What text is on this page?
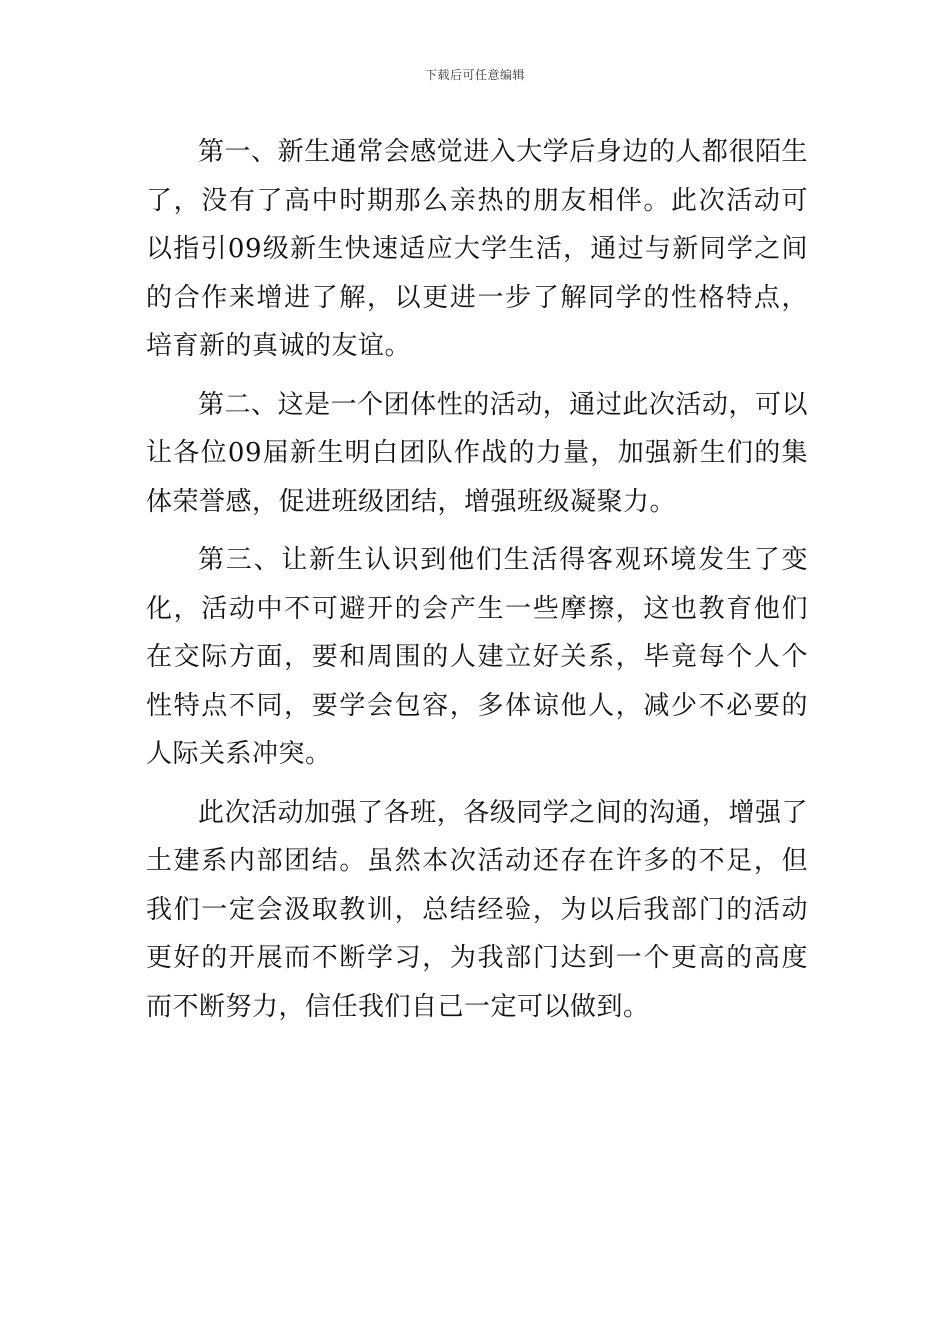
下载后可任意编辑

第一、新生通常会感觉进入大学后身边的人都很陌生了，没有了高中时期那么亲热的朋友相伴。此次活动可以指引09级新生快速适应大学生活，通过与新同学之间的合作来增进了解，以更进一步了解同学的性格特点，培育新的真诚的友谊。

第二、这是一个团体性的活动，通过此次活动，可以让各位09届新生明白团队作战的力量，加强新生们的集体荣誉感，促进班级团结，增强班级凝聚力。

第三、让新生认识到他们生活得客观环境发生了变化，活动中不可避开的会产生一些摩擦，这也教育他们在交际方面，要和周围的人建立好关系，毕竟每个人个性特点不同，要学会包容，多体谅他人，减少不必要的人际关系冲突。

此次活动加强了各班，各级同学之间的沟通，增强了土建系内部团结。虽然本次活动还存在许多的不足，但我们一定会汲取教训，总结经验，为以后我部门的活动更好的开展而不断学习，为我部门达到一个更高的高度而不断努力，信任我们自己一定可以做到。
